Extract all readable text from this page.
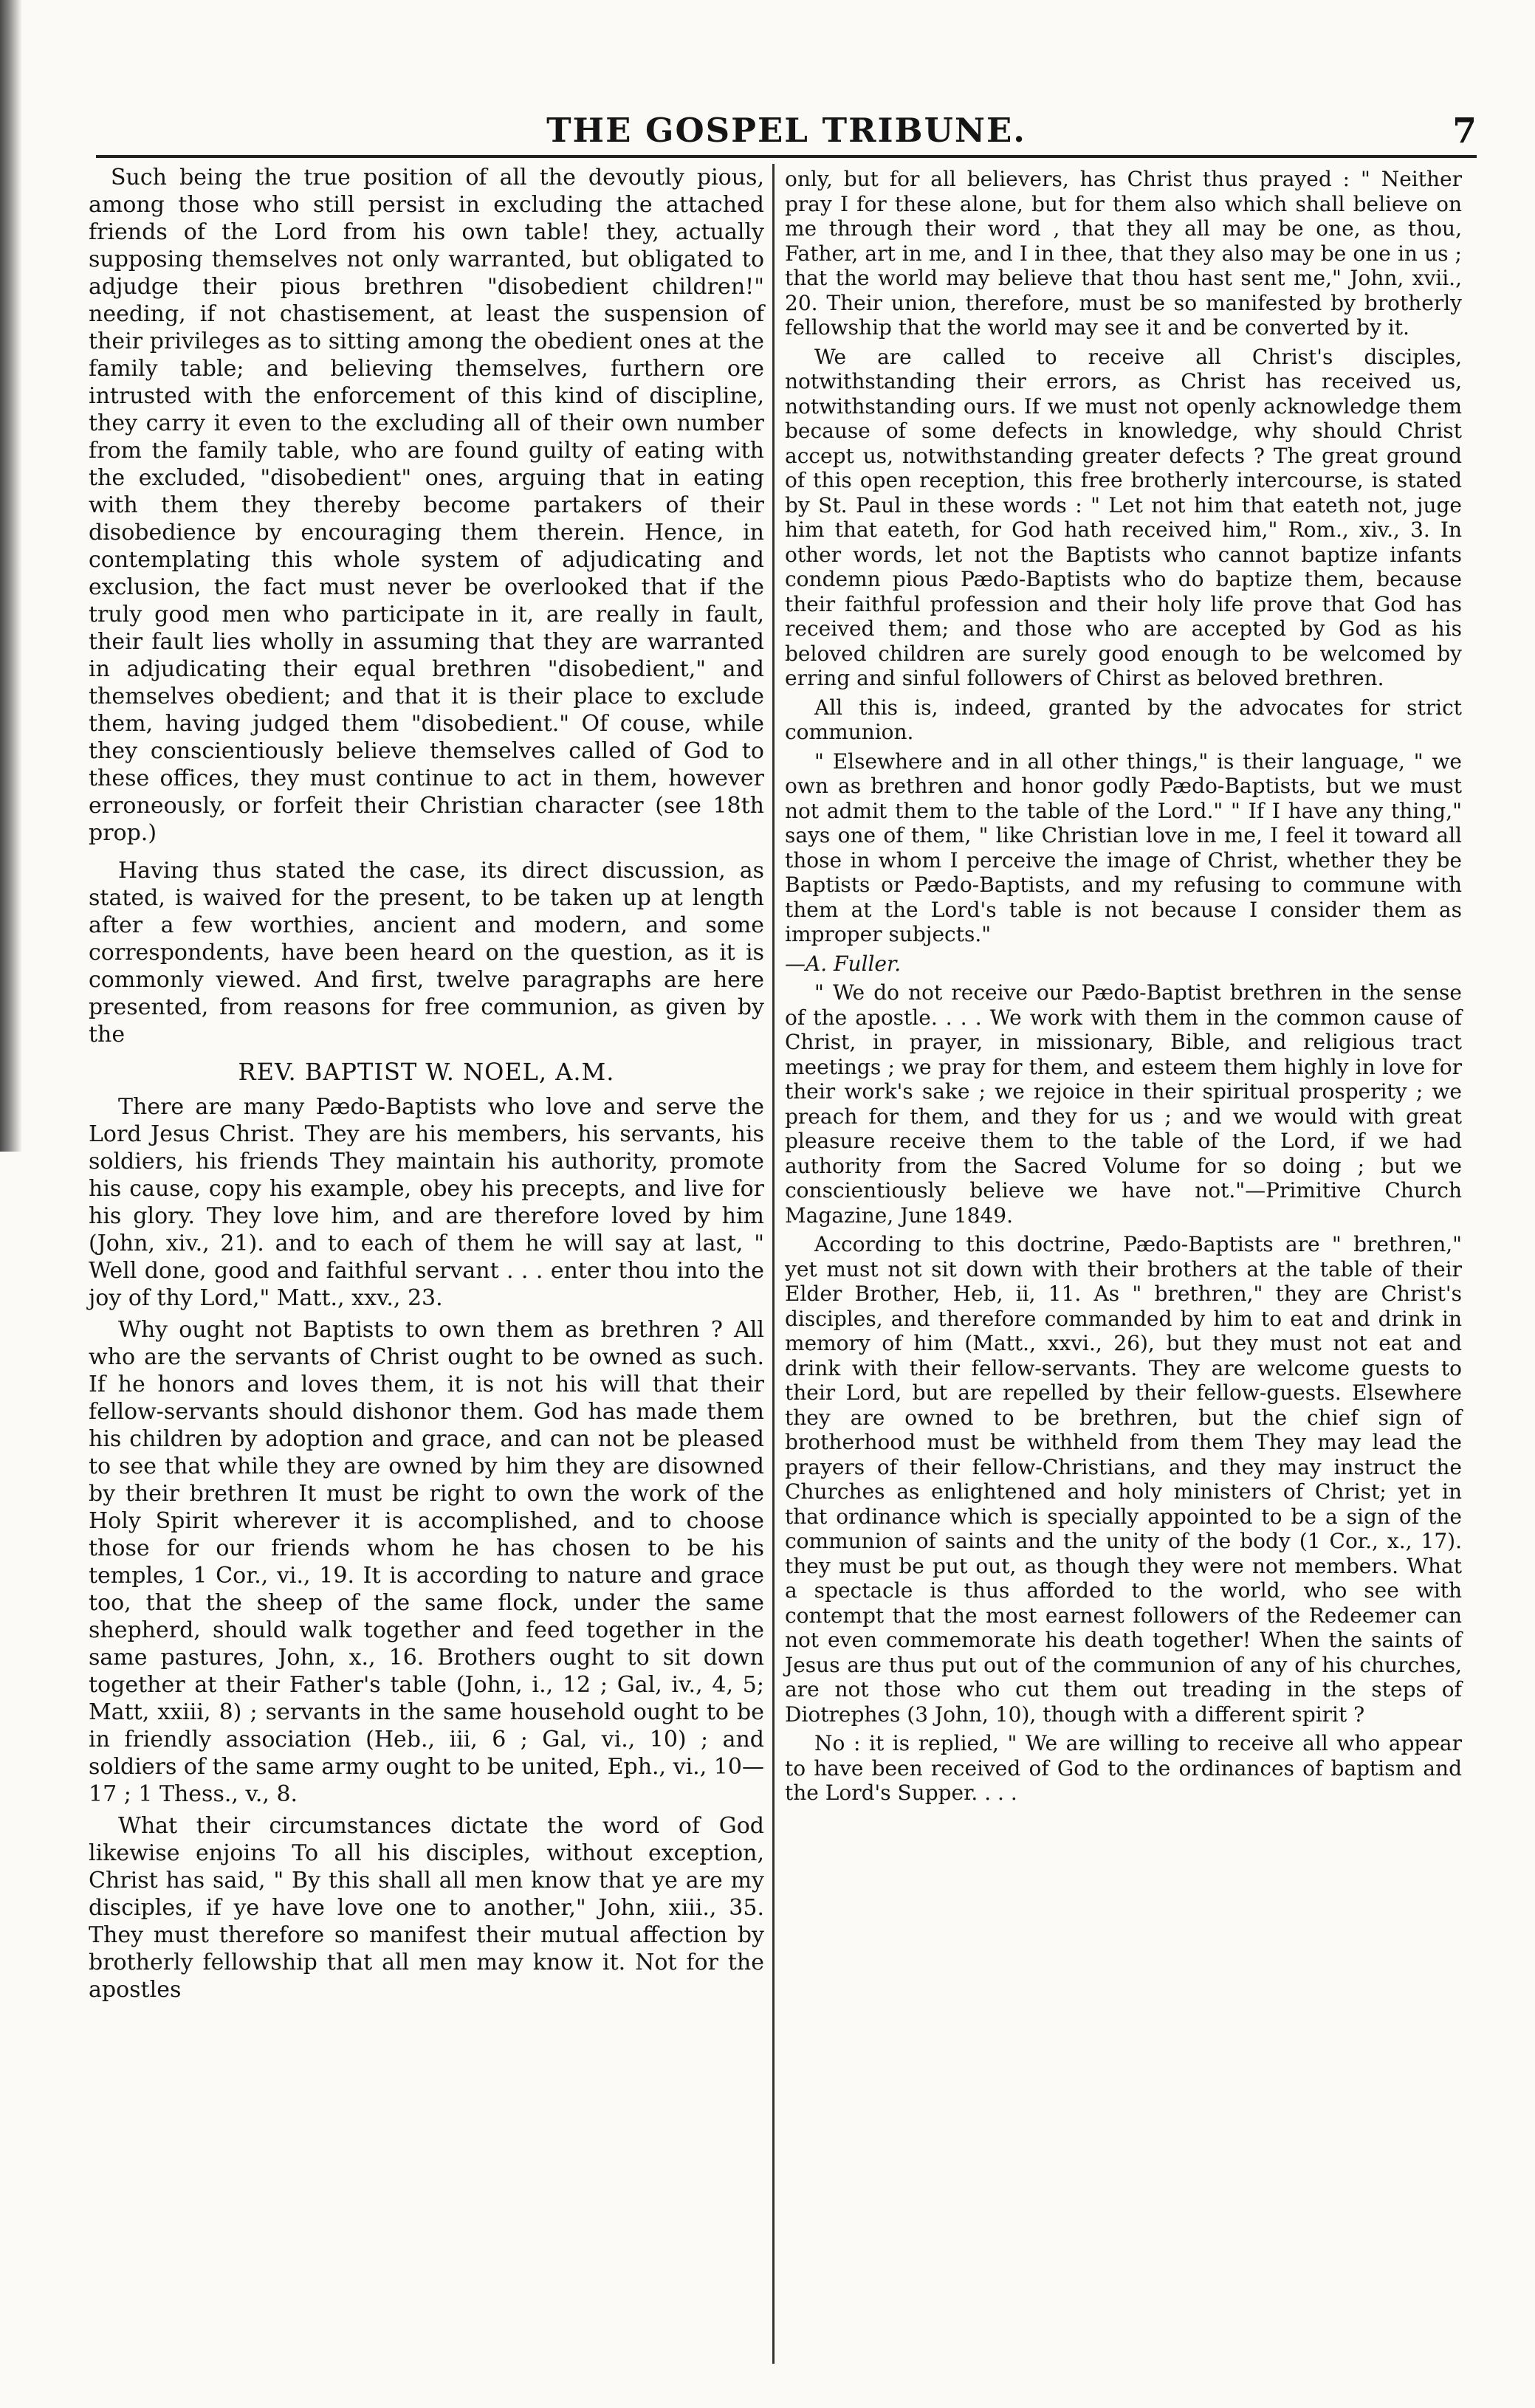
THE GOSPEL TRIBUNE.	7

Such being the true position of all the devoutly pious, among those who still persist in excluding the attached friends of the Lord from his own table! they, actually supposing themselves not only warranted, but obligated to adjudge their pious brethren "disobedient children!" needing, if not chastisement, at least the suspension of their privileges as to sitting among the obedient ones at the family table; and believing themselves, furthern ore intrusted with the enforcement of this kind of discipline, they carry it even to the excluding all of their own number from the family table, who are found guilty of eating with the excluded, "disobedient" ones, arguing that in eating with them they thereby become partakers of their disobedience by encouraging them therein. Hence, in contemplating this whole system of adjudicating and exclusion, the fact must never be overlooked that if the truly good men who participate in it, are really in fault, their fault lies wholly in assuming that they are warranted in adjudicating their equal brethren "disobedient," and themselves obedient; and that it is their place to exclude them, having judged them "disobedient." Of couse, while they conscientiously believe themselves called of God to these offices, they must continue to act in them, however erroneously, or forfeit their Christian character (see 18th prop.)

Having thus stated the case, its direct discussion, as stated, is waived for the present, to be taken up at length after a few worthies, ancient and modern, and some correspondents, have been heard on the question, as it is commonly viewed. And first, twelve paragraphs are here presented, from reasons for free communion, as given by the

REV. BAPTIST W. NOEL, A.M.

There are many Pædo-Baptists who love and serve the Lord Jesus Christ. They are his members, his servants, his soldiers, his friends They maintain his authority, promote his cause, copy his example, obey his precepts, and live for his glory. They love him, and are therefore loved by him (John, xiv., 21). and to each of them he will say at last, " Well done, good and faithful servant . . . enter thou into the joy of thy Lord," Matt., xxv., 23.

Why ought not Baptists to own them as brethren ? All who are the servants of Christ ought to be owned as such. If he honors and loves them, it is not his will that their fellow-servants should dishonor them. God has made them his children by adoption and grace, and can not be pleased to see that while they are owned by him they are disowned by their brethren It must be right to own the work of the Holy Spirit wherever it is accomplished, and to choose those for our friends whom he has chosen to be his temples, 1 Cor., vi., 19. It is according to nature and grace too, that the sheep of the same flock, under the same shepherd, should walk together and feed together in the same pastures, John, x., 16. Brothers ought to sit down together at their Father's table (John, i., 12 ; Gal, iv., 4, 5; Matt, xxiii, 8) ; servants in the same household ought to be in friendly association (Heb., iii, 6 ; Gal, vi., 10) ; and soldiers of the same army ought to be united, Eph., vi., 10—17 ; 1 Thess., v., 8.

What their circumstances dictate the word of God likewise enjoins To all his disciples, without exception, Christ has said, " By this shall all men know that ye are my disciples, if ye have love one to another," John, xiii., 35. They must therefore so manifest their mutual affection by brotherly fellowship that all men may know it. Not for the apostles

only, but for all believers, has Christ thus prayed : " Neither pray I for these alone, but for them also which shall believe on me through their word , that they all may be one, as thou, Father, art in me, and I in thee, that they also may be one in us ; that the world may believe that thou hast sent me," John, xvii., 20. Their union, therefore, must be so manifested by brotherly fellowship that the world may see it and be converted by it.

We are called to receive all Christ's disciples, notwithstanding their errors, as Christ has received us, notwithstanding ours. If we must not openly acknowledge them because of some defects in knowledge, why should Christ accept us, notwithstanding greater defects ? The great ground of this open reception, this free brotherly intercourse, is stated by St. Paul in these words : " Let not him that eateth not, juge him that eateth, for God hath received him," Rom., xiv., 3. In other words, let not the Baptists who cannot baptize infants condemn pious Pædo-Baptists who do baptize them, because their faithful profession and their holy life prove that God has received them; and those who are accepted by God as his beloved children are surely good enough to be welcomed by erring and sinful followers of Chirst as beloved brethren.

All this is, indeed, granted by the advocates for strict communion.

" Elsewhere and in all other things," is their language, " we own as brethren and honor godly Pædo-Baptists, but we must not admit them to the table of the Lord." " If I have any thing," says one of them, " like Christian love in me, I feel it toward all those in whom I perceive the image of Christ, whether they be Baptists or Pædo-Baptists, and my refusing to commune with them at the Lord's table is not because I consider them as improper subjects."

—A. Fuller.

" We do not receive our Pædo-Baptist brethren in the sense of the apostle. . . . We work with them in the common cause of Christ, in prayer, in missionary, Bible, and religious tract meetings ; we pray for them, and esteem them highly in love for their work's sake ; we rejoice in their spiritual prosperity ; we preach for them, and they for us ; and we would with great pleasure receive them to the table of the Lord, if we had authority from the Sacred Volume for so doing ; but we conscientiously believe we have not."—Primitive Church Magazine, June 1849.

According to this doctrine, Pædo-Baptists are " brethren," yet must not sit down with their brothers at the table of their Elder Brother, Heb, ii, 11. As " brethren," they are Christ's disciples, and therefore commanded by him to eat and drink in memory of him (Matt., xxvi., 26), but they must not eat and drink with their fellow-servants. They are welcome guests to their Lord, but are repelled by their fellow-guests. Elsewhere they are owned to be brethren, but the chief sign of brotherhood must be withheld from them They may lead the prayers of their fellow-Christians, and they may instruct the Churches as enlightened and holy ministers of Christ; yet in that ordinance which is specially appointed to be a sign of the communion of saints and the unity of the body (1 Cor., x., 17). they must be put out, as though they were not members. What a spectacle is thus afforded to the world, who see with contempt that the most earnest followers of the Redeemer can not even commemorate his death together! When the saints of Jesus are thus put out of the communion of any of his churches, are not those who cut them out treading in the steps of Diotrephes (3 John, 10), though with a different spirit ?

No : it is replied, " We are willing to receive all who appear to have been received of God to the ordinances of baptism and the Lord's Supper. . . .
